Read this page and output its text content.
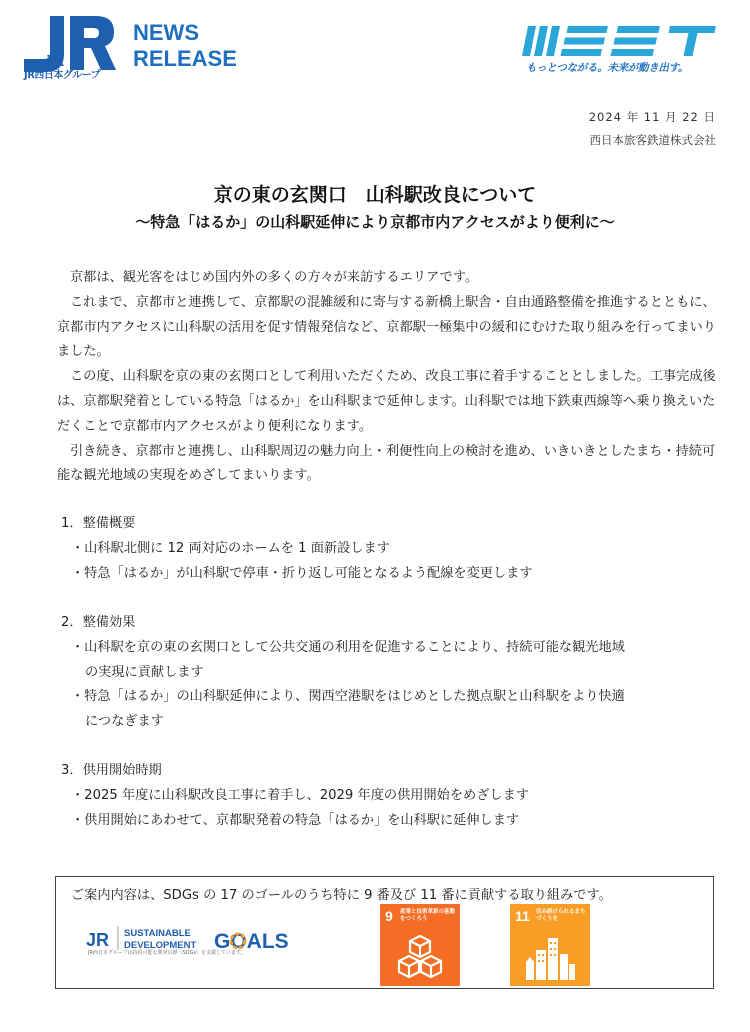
JR
JR西日本グループ
NEWS
RELEASE
WEST
もっとつながる。未来が動き出す。
2024 年 11 月 22 日
西日本旅客鉄道株式会社
京の東の玄関口　山科駅改良について
～特急「はるか」の山科駅延伸により京都市内アクセスがより便利に～

京都は、観光客をはじめ国内外の多くの方々が来訪するエリアです。

これまで、京都市と連携して、京都駅の混雑緩和に寄与する新橋上駅舎・自由通路整備を推進するとともに、京都市内アクセスに山科駅の活用を促す情報発信など、京都駅一極集中の緩和にむけた取り組みを行ってまいりました。

この度、山科駅を京の東の玄関口として利用いただくため、改良工事に着手することとしました。工事完成後は、京都駅発着としている特急「はるか」を山科駅まで延伸します。山科駅では地下鉄東西線等へ乗り換えいただくことで京都市内アクセスがより便利になります。

引き続き、京都市と連携し、山科駅周辺の魅力向上・利便性向上の検討を進め、いきいきとしたまち・持続可能な観光地域の実現をめざしてまいります。

1．整備概要
・山科駅北側に 12 両対応のホームを 1 面新設します
・特急「はるか」が山科駅で停車・折り返し可能となるよう配線を変更します
2．整備効果
・山科駅を京の東の玄関口として公共交通の利用を促進することにより、持続可能な観光地域
の実現に貢献します
・特急「はるか」の山科駅延伸により、関西空港駅をはじめとした拠点駅と山科駅をより快適
につなぎます
3．供用開始時期
・2025 年度に山科駅改良工事に着手し、2029 年度の供用開始をめざします
・供用開始にあわせて、京都駅発着の特急「はるか」を山科駅に延伸します
ご案内内容は、SDGs の 17 のゴールのうち特に 9 番及び 11 番に貢献する取り組みです。
JR SUSTAINABLE
DEVELOPMENT GOALS
JR西日本グループは持続可能な開発目標（SDGs）を支援しています。
9 産業と技術革新の基盤をつくろう	11 住み続けられるまちづくりを
